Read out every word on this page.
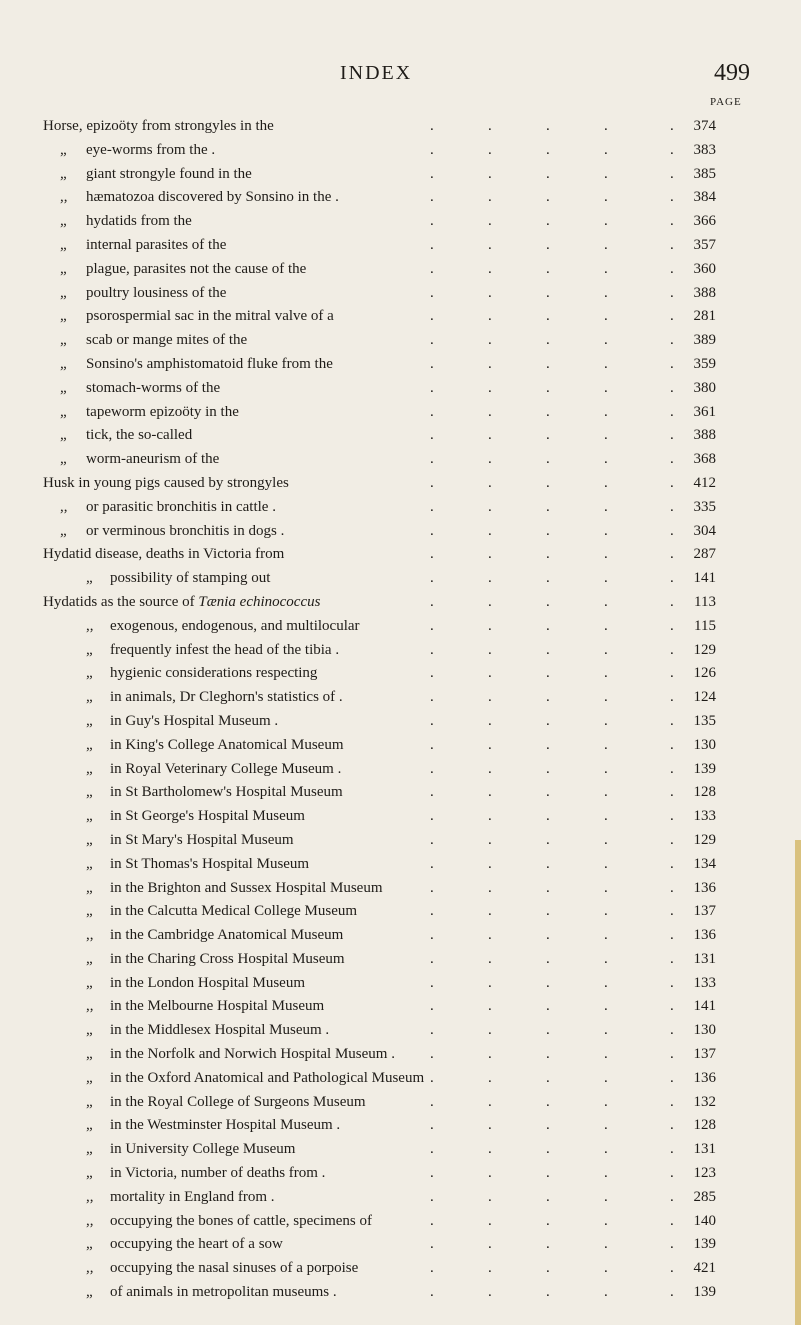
INDEX	499
PAGE
Horse, epizoöty from strongyles in the	.	.	.	.	. 374
„ eye-worms from the .	.	.	.	.	. 383
„ giant strongyle found in the	.	.	.	.	. 385
,, hæmatozoa discovered by Sonsino in the .	.	.	.	.	. 384
„ hydatids from the	.	.	.	.	. 366
„ internal parasites of the	.	.	.	.	. 357
„ plague, parasites not the cause of the	.	.	.	.	. 360
„ poultry lousiness of the	.	.	.	.	. 388
„ psorospermial sac in the mitral valve of a	.	.	.	.	. 281
„ scab or mange mites of the	.	.	.	.	. 389
„ Sonsino's amphistomatoid fluke from the	.	.	.	.	. 359
„ stomach-worms of the	.	.	.	.	. 380
„ tapeworm epizoöty in the	.	.	.	.	. 361
„ tick, the so-called	.	.	.	.	. 388
„ worm-aneurism of the	.	.	.	.	. 368
Husk in young pigs caused by strongyles	.	.	.	.	. 412
,, or parasitic bronchitis in cattle .	.	.	.	.	. 335
„ or verminous bronchitis in dogs .	.	.	.	.	. 304
Hydatid disease, deaths in Victoria from	.	.	.	.	. 287
„ possibility of stamping out	.	.	.	.	. 141
Hydatids as the source of Tænia echinococcus	.	.	.	.	. 113
,, exogenous, endogenous, and multilocular	.	.	.	.	. 115
„ frequently infest the head of the tibia .	.	.	.	.	. 129
„ hygienic considerations respecting	.	.	.	.	. 126
„ in animals, Dr Cleghorn's statistics of .	.	.	.	.	. 124
„ in Guy's Hospital Museum .	.	.	.	.	. 135
„ in King's College Anatomical Museum	.	.	.	.	. 130
„ in Royal Veterinary College Museum .	.	.	.	.	. 139
„ in St Bartholomew's Hospital Museum	.	.	.	.	. 128
„ in St George's Hospital Museum	.	.	.	.	. 133
„ in St Mary's Hospital Museum	.	.	.	.	. 129
„ in St Thomas's Hospital Museum	.	.	.	.	. 134
„ in the Brighton and Sussex Hospital Museum	.	.	.	.	. 136
„ in the Calcutta Medical College Museum	.	.	.	.	. 137
,, in the Cambridge Anatomical Museum	.	.	.	.	. 136
„ in the Charing Cross Hospital Museum	.	.	.	.	. 131
„ in the London Hospital Museum	.	.	.	.	. 133
,, in the Melbourne Hospital Museum	.	.	.	.	. 141
„ in the Middlesex Hospital Museum .	.	.	.	.	. 130
„ in the Norfolk and Norwich Hospital Museum . .	.	.	.	. 137
„ in the Oxford Anatomical and Pathological Museum .	.	.	.	. 136
„ in the Royal College of Surgeons Museum	.	.	.	.	. 132
„ in the Westminster Hospital Museum .	.	.	.	.	. 128
„ in University College Museum	.	.	.	.	. 131
„ in Victoria, number of deaths from .	.	.	.	.	. 123
,, mortality in England from .	.	.	.	.	. 285
,, occupying the bones of cattle, specimens of	.	.	.	.	. 140
„ occupying the heart of a sow	.	.	.	.	. 139
,, occupying the nasal sinuses of a porpoise	.	.	.	.	. 421
„ of animals in metropolitan museums .	.	.	.	.	. 139
